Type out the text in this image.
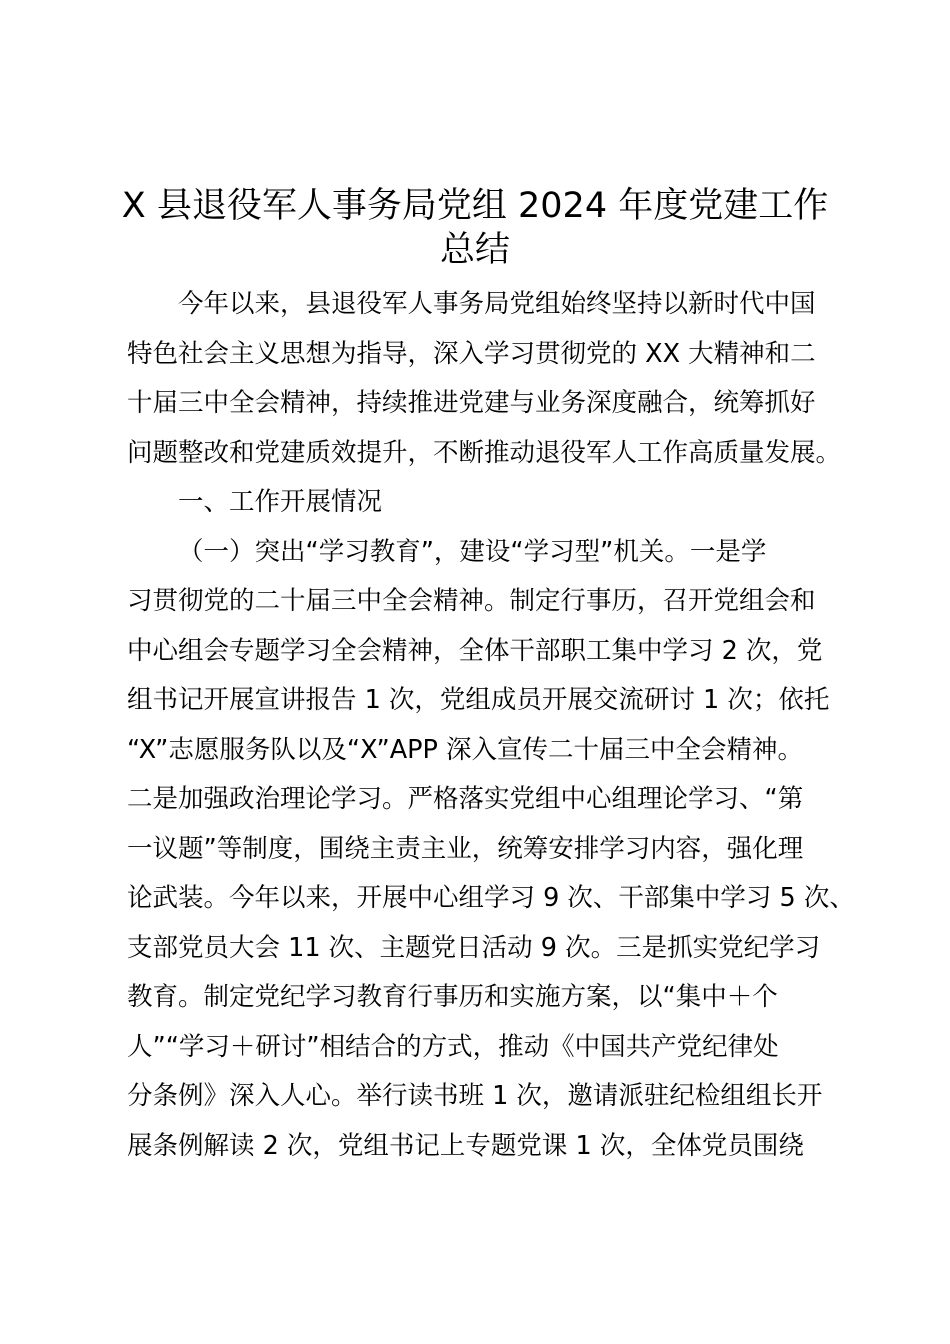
X 县退役军人事务局党组 2024 年度党建工作
总结
今年以来，县退役军人事务局党组始终坚持以新时代中国
特色社会主义思想为指导，深入学习贯彻党的 XX 大精神和二
十届三中全会精神，持续推进党建与业务深度融合，统筹抓好
问题整改和党建质效提升，不断推动退役军人工作高质量发展。
一、工作开展情况
（一）突出“学习教育”，建设“学习型”机关。一是学
习贯彻党的二十届三中全会精神。制定行事历，召开党组会和
中心组会专题学习全会精神，全体干部职工集中学习 2 次，党
组书记开展宣讲报告 1 次，党组成员开展交流研讨 1 次；依托
“X”志愿服务队以及“X”APP 深入宣传二十届三中全会精神。
二是加强政治理论学习。严格落实党组中心组理论学习、“第
一议题”等制度，围绕主责主业，统筹安排学习内容，强化理
论武装。今年以来，开展中心组学习 9 次、干部集中学习 5 次、
支部党员大会 11 次、主题党日活动 9 次。三是抓实党纪学习
教育。制定党纪学习教育行事历和实施方案，以“集中＋个
人”“学习＋研讨”相结合的方式，推动《中国共产党纪律处
分条例》深入人心。举行读书班 1 次，邀请派驻纪检组组长开
展条例解读 2 次，党组书记上专题党课 1 次，全体党员围绕
